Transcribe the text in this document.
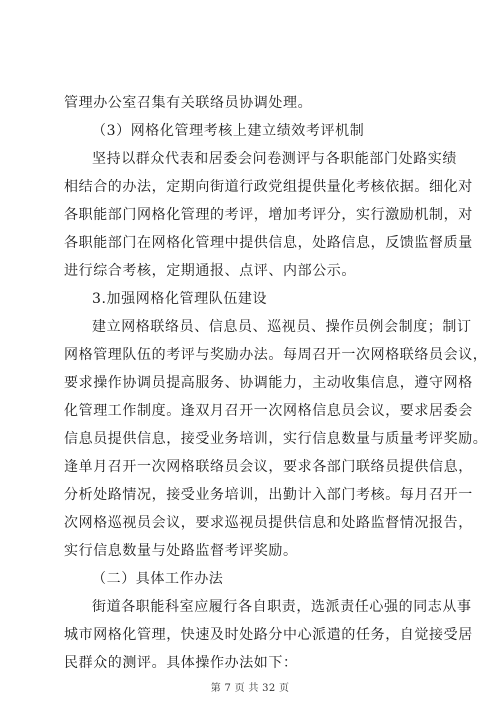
管理办公室召集有关联络员协调处理。
（3）网格化管理考核上建立绩效考评机制
坚持以群众代表和居委会问卷测评与各职能部门处路实绩
相结合的办法，定期向街道行政党组提供量化考核依据。细化对
各职能部门网格化管理的考评，增加考评分，实行激励机制，对
各职能部门在网格化管理中提供信息，处路信息，反馈监督质量
进行综合考核，定期通报、点评、内部公示。
3.加强网格化管理队伍建设
建立网格联络员、信息员、巡视员、操作员例会制度；制订
网格管理队伍的考评与奖励办法。每周召开一次网格联络员会议，
要求操作协调员提高服务、协调能力，主动收集信息，遵守网格
化管理工作制度。逢双月召开一次网格信息员会议，要求居委会
信息员提供信息，接受业务培训，实行信息数量与质量考评奖励。
逢单月召开一次网格联络员会议，要求各部门联络员提供信息，
分析处路情况，接受业务培训，出勤计入部门考核。每月召开一
次网格巡视员会议，要求巡视员提供信息和处路监督情况报告，
实行信息数量与处路监督考评奖励。
（二）具体工作办法
街道各职能科室应履行各自职责，选派责任心强的同志从事
城市网格化管理，快速及时处路分中心派遣的任务，自觉接受居
民群众的测评。具体操作办法如下：
第 7 页 共 32 页
